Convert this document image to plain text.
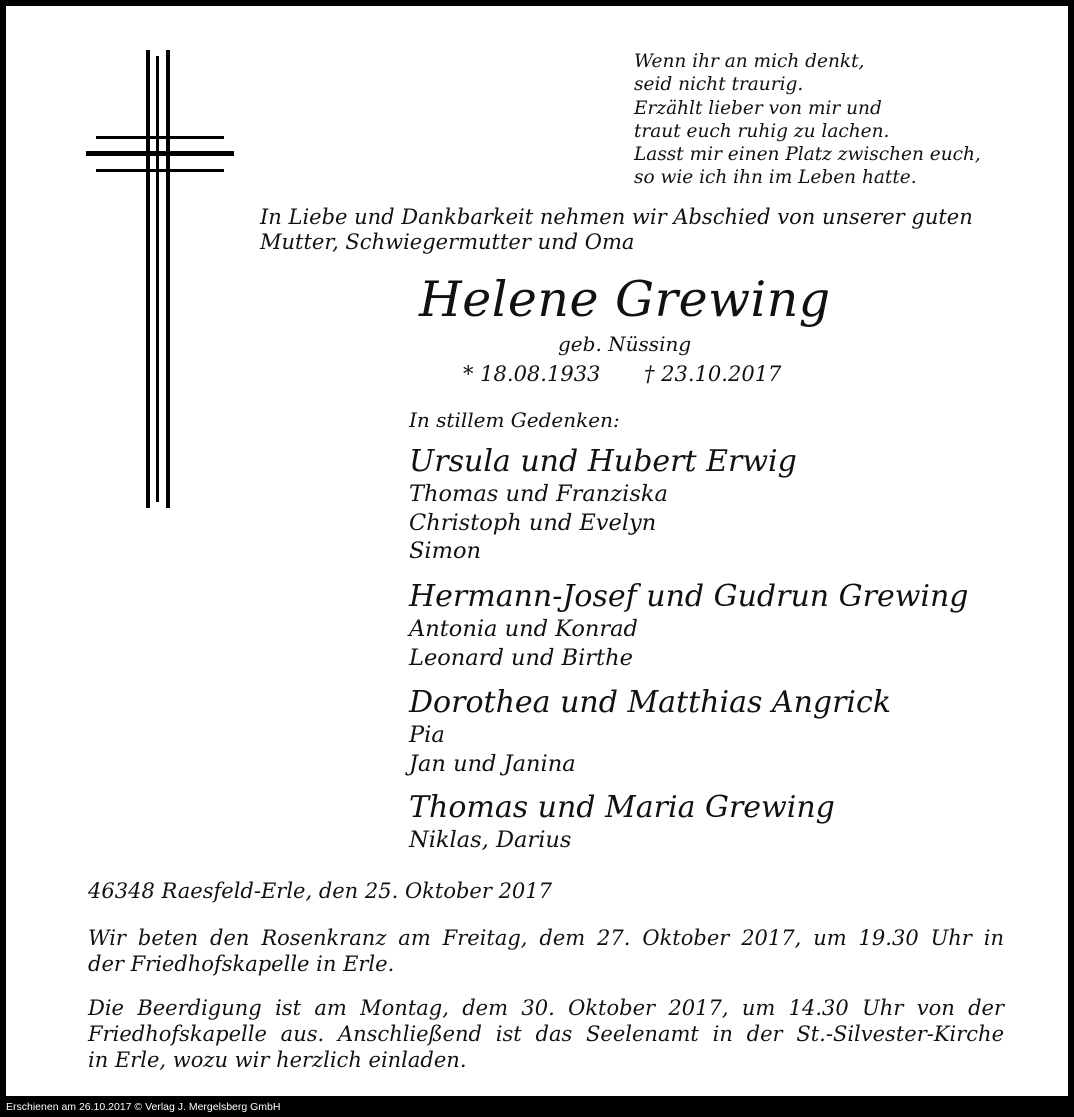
Wenn ihr an mich denkt,
seid nicht traurig.
Erzählt lieber von mir und
traut euch ruhig zu lachen.
Lasst mir einen Platz zwischen euch,
so wie ich ihn im Leben hatte.
In Liebe und Dankbarkeit nehmen wir Abschied von unserer guten
Mutter, Schwiegermutter und Oma
Helene Grewing
geb. Nüssing
* 18.08.1933 † 23.10.2017
In stillem Gedenken:
Ursula und Hubert Erwig
Thomas und Franziska
Christoph und Evelyn
Simon
Hermann-Josef und Gudrun Grewing
Antonia und Konrad
Leonard und Birthe
Dorothea und Matthias Angrick
Pia
Jan und Janina
Thomas und Maria Grewing
Niklas, Darius
46348 Raesfeld-Erle, den 25. Oktober 2017
Wir beten den Rosenkranz am Freitag, dem 27. Oktober 2017, um 19.30 Uhr in
der Friedhofskapelle in Erle.
Die Beerdigung ist am Montag, dem 30. Oktober 2017, um 14.30 Uhr von der
Friedhofskapelle aus. Anschließend ist das Seelenamt in der St.-Silvester-Kirche
in Erle, wozu wir herzlich einladen.
Erschienen am 26.10.2017 © Verlag J. Mergelsberg GmbH
